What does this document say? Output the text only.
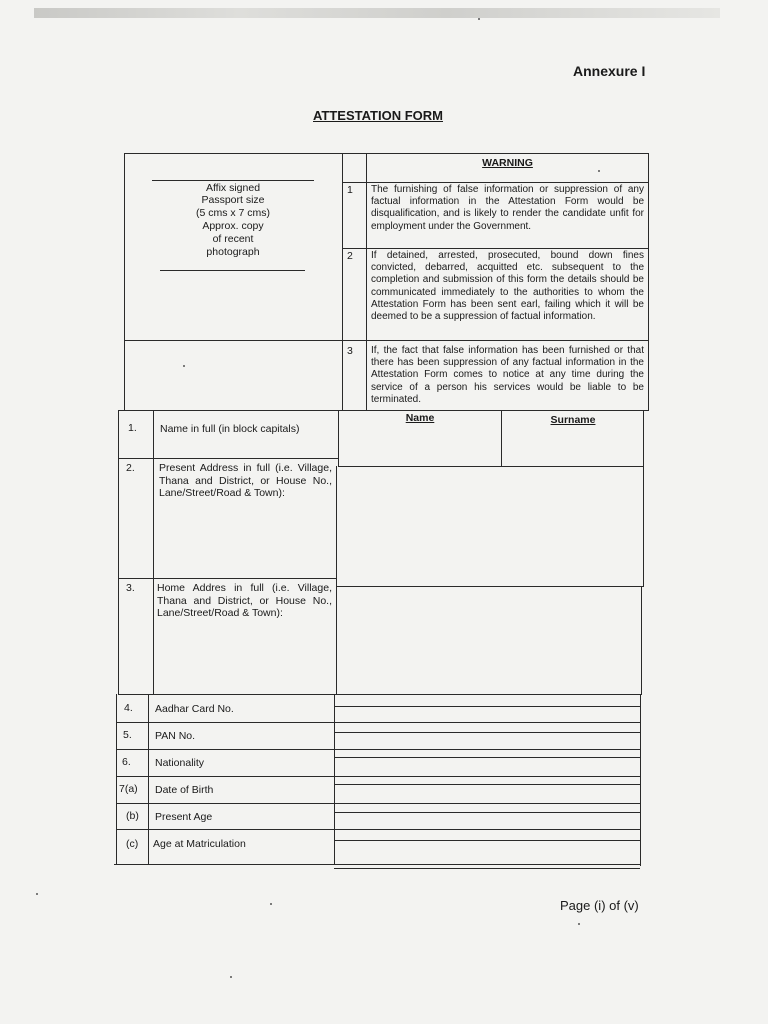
Annexure I
ATTESTATION FORM
Affix signed
Passport size
(5 cms x 7 cms)
Approx. copy
of recent
photograph
WARNING
1 The furnishing of false information or suppression of any factual information in the Attestation Form would be disqualification, and is likely to render the candidate unfit for employment under the Government.
2 If detained, arrested, prosecuted, bound down fines convicted, debarred, acquitted etc. subsequent to the completion and submission of this form the details should be communicated immediately to the authorities to whom the Attestation Form has been sent earl, failing which it will be deemed to be a suppression of factual information.
3 If, the fact that false information has been furnished or that there has been suppression of any factual information in the Attestation Form comes to notice at any time during the service of a person his services would be liable to be terminated.
Name	Surname
1. Name in full (in block capitals)
2. Present Address in full (i.e. Village, Thana and District, or House No., Lane/Street/Road & Town):
3. Home Addres in full (i.e. Village, Thana and District, or House No., Lane/Street/Road & Town):
4. Aadhar Card No.
5. PAN No.
6. Nationality
7(a) Date of Birth
(b) Present Age
(c) Age at Matriculation
Page (i) of (v)
